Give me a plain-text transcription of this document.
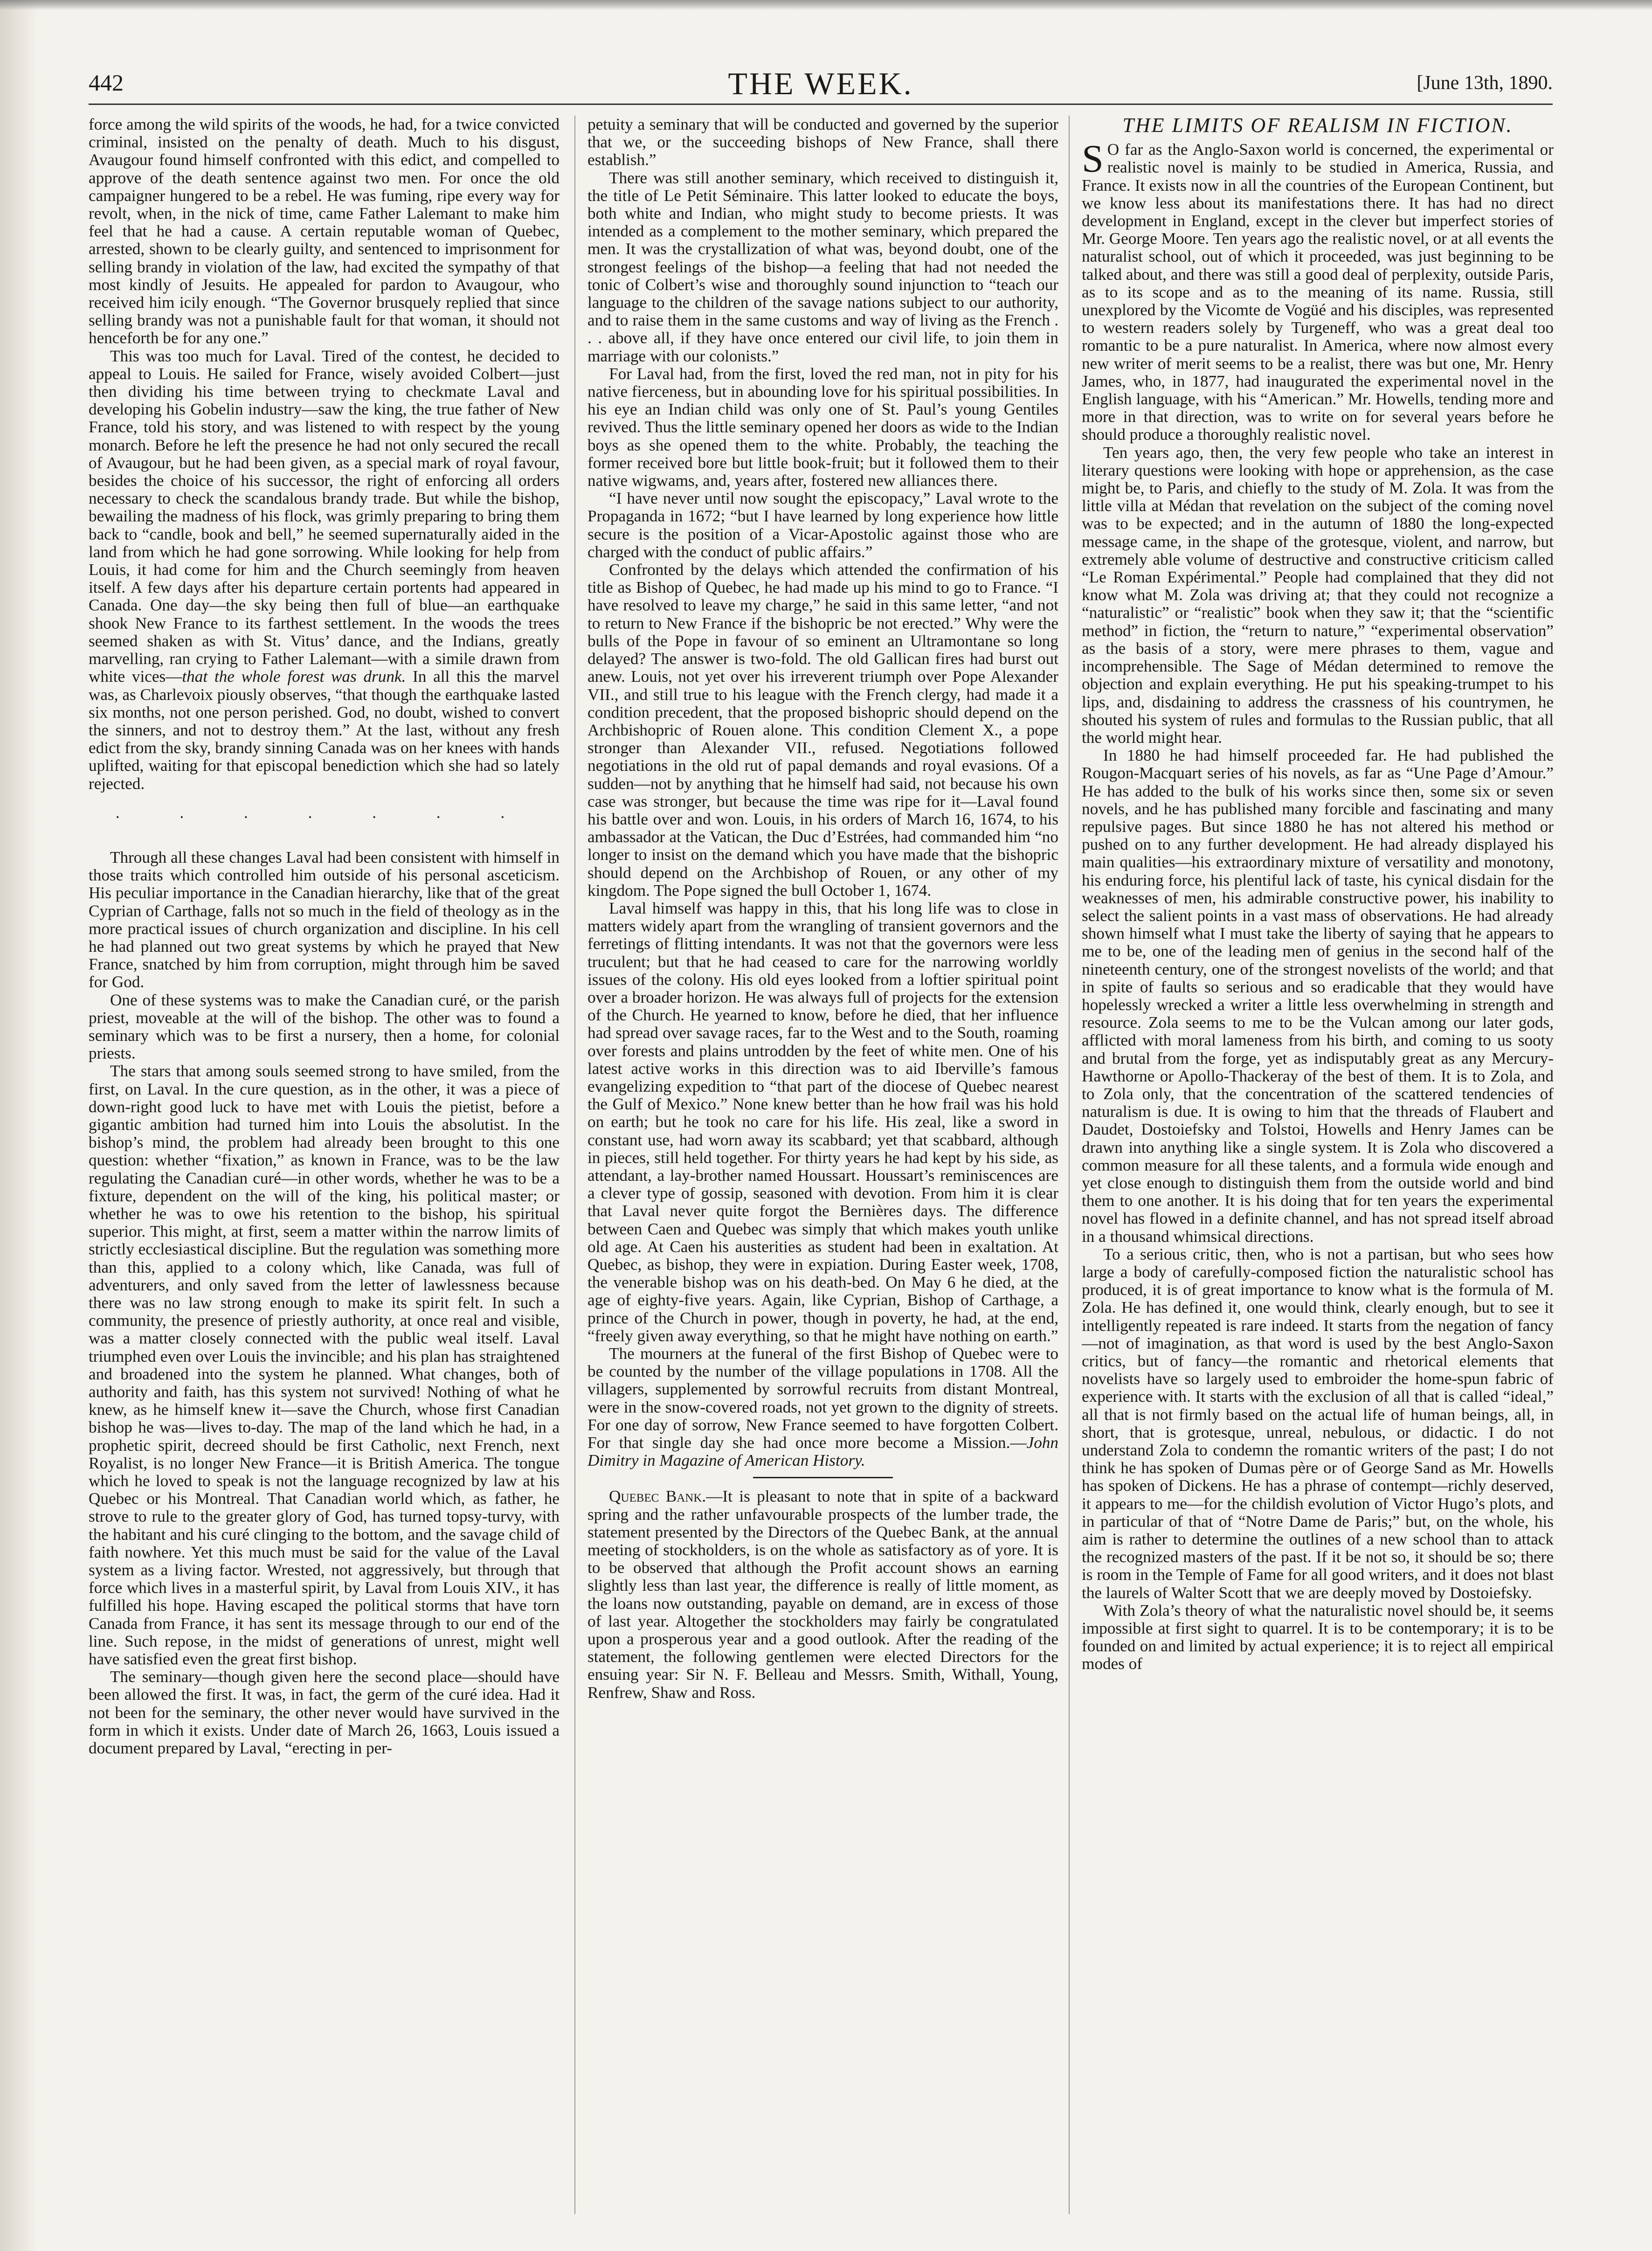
442	THE WEEK.	[June 13th, 1890.

force among the wild spirits of the woods, he had, for a twice convicted criminal, insisted on the penalty of death. Much to his disgust, Avaugour found himself confronted with this edict, and compelled to approve of the death sentence against two men. For once the old campaigner hungered to be a rebel. He was fuming, ripe every way for revolt, when, in the nick of time, came Father Lalemant to make him feel that he had a cause. A certain reputable woman of Quebec, arrested, shown to be clearly guilty, and sentenced to imprisonment for selling brandy in violation of the law, had excited the sympathy of that most kindly of Jesuits. He appealed for pardon to Avaugour, who received him icily enough. “The Governor brusquely replied that since selling brandy was not a punishable fault for that woman, it should not henceforth be for any one.”

This was too much for Laval. Tired of the contest, he decided to appeal to Louis. He sailed for France, wisely avoided Colbert—just then dividing his time between trying to checkmate Laval and developing his Gobelin industry—saw the king, the true father of New France, told his story, and was listened to with respect by the young monarch. Before he left the presence he had not only secured the recall of Avaugour, but he had been given, as a special mark of royal favour, besides the choice of his successor, the right of enforcing all orders necessary to check the scandalous brandy trade. But while the bishop, bewailing the madness of his flock, was grimly preparing to bring them back to “candle, book and bell,” he seemed supernaturally aided in the land from which he had gone sorrowing. While looking for help from Louis, it had come for him and the Church seemingly from heaven itself. A few days after his departure certain portents had appeared in Canada. One day—the sky being then full of blue—an earthquake shook New France to its farthest settlement. In the woods the trees seemed shaken as with St. Vitus’ dance, and the Indians, greatly marvelling, ran crying to Father Lalemant—with a simile drawn from white vices—that the whole forest was drunk. In all this the marvel was, as Charlevoix piously observes, “that though the earthquake lasted six months, not one person perished. God, no doubt, wished to convert the sinners, and not to destroy them.” At the last, without any fresh edict from the sky, brandy sinning Canada was on her knees with hands uplifted, waiting for that episcopal benediction which she had so lately rejected.

. . . . . . .

Through all these changes Laval had been consistent with himself in those traits which controlled him outside of his personal asceticism. His peculiar importance in the Canadian hierarchy, like that of the great Cyprian of Carthage, falls not so much in the field of theology as in the more practical issues of church organization and discipline. In his cell he had planned out two great systems by which he prayed that New France, snatched by him from corruption, might through him be saved for God.

One of these systems was to make the Canadian curé, or the parish priest, moveable at the will of the bishop. The other was to found a seminary which was to be first a nursery, then a home, for colonial priests.

The stars that among souls seemed strong to have smiled, from the first, on Laval. In the cure question, as in the other, it was a piece of down-right good luck to have met with Louis the pietist, before a gigantic ambition had turned him into Louis the absolutist. In the bishop’s mind, the problem had already been brought to this one question: whether “fixation,” as known in France, was to be the law regulating the Canadian curé—in other words, whether he was to be a fixture, dependent on the will of the king, his political master; or whether he was to owe his retention to the bishop, his spiritual superior. This might, at first, seem a matter within the narrow limits of strictly ecclesiastical discipline. But the regulation was something more than this, applied to a colony which, like Canada, was full of adventurers, and only saved from the letter of lawlessness because there was no law strong enough to make its spirit felt. In such a community, the presence of priestly authority, at once real and visible, was a matter closely connected with the public weal itself. Laval triumphed even over Louis the invincible; and his plan has straightened and broadened into the system he planned. What changes, both of authority and faith, has this system not survived! Nothing of what he knew, as he himself knew it—save the Church, whose first Canadian bishop he was—lives to-day. The map of the land which he had, in a prophetic spirit, decreed should be first Catholic, next French, next Royalist, is no longer New France—it is British America. The tongue which he loved to speak is not the language recognized by law at his Quebec or his Montreal. That Canadian world which, as father, he strove to rule to the greater glory of God, has turned topsy-turvy, with the habitant and his curé clinging to the bottom, and the savage child of faith nowhere. Yet this much must be said for the value of the Laval system as a living factor. Wrested, not aggressively, but through that force which lives in a masterful spirit, by Laval from Louis XIV., it has fulfilled his hope. Having escaped the political storms that have torn Canada from France, it has sent its message through to our end of the line. Such repose, in the midst of generations of unrest, might well have satisfied even the great first bishop.

The seminary—though given here the second place—should have been allowed the first. It was, in fact, the germ of the curé idea. Had it not been for the seminary, the other never would have survived in the form in which it exists. Under date of March 26, 1663, Louis issued a document prepared by Laval, “erecting in per-

petuity a seminary that will be conducted and governed by the superior that we, or the succeeding bishops of New France, shall there establish.”

There was still another seminary, which received to distinguish it, the title of Le Petit Séminaire. This latter looked to educate the boys, both white and Indian, who might study to become priests. It was intended as a complement to the mother seminary, which prepared the men. It was the crystallization of what was, beyond doubt, one of the strongest feelings of the bishop—a feeling that had not needed the tonic of Colbert’s wise and thoroughly sound injunction to “teach our language to the children of the savage nations subject to our authority, and to raise them in the same customs and way of living as the French . . . above all, if they have once entered our civil life, to join them in marriage with our colonists.”

For Laval had, from the first, loved the red man, not in pity for his native fierceness, but in abounding love for his spiritual possibilities. In his eye an Indian child was only one of St. Paul’s young Gentiles revived. Thus the little seminary opened her doors as wide to the Indian boys as she opened them to the white. Probably, the teaching the former received bore but little book-fruit; but it followed them to their native wigwams, and, years after, fostered new alliances there.

“I have never until now sought the episcopacy,” Laval wrote to the Propaganda in 1672; “but I have learned by long experience how little secure is the position of a Vicar-Apostolic against those who are charged with the conduct of public affairs.”

Confronted by the delays which attended the confirmation of his title as Bishop of Quebec, he had made up his mind to go to France. “I have resolved to leave my charge,” he said in this same letter, “and not to return to New France if the bishopric be not erected.” Why were the bulls of the Pope in favour of so eminent an Ultramontane so long delayed? The answer is two-fold. The old Gallican fires had burst out anew. Louis, not yet over his irreverent triumph over Pope Alexander VII., and still true to his league with the French clergy, had made it a condition precedent, that the proposed bishopric should depend on the Archbishopric of Rouen alone. This condition Clement X., a pope stronger than Alexander VII., refused. Negotiations followed negotiations in the old rut of papal demands and royal evasions. Of a sudden—not by anything that he himself had said, not because his own case was stronger, but because the time was ripe for it—Laval found his battle over and won. Louis, in his orders of March 16, 1674, to his ambassador at the Vatican, the Duc d’Estrées, had commanded him “no longer to insist on the demand which you have made that the bishopric should depend on the Archbishop of Rouen, or any other of my kingdom. The Pope signed the bull October 1, 1674.

Laval himself was happy in this, that his long life was to close in matters widely apart from the wrangling of transient governors and the ferretings of flitting intendants. It was not that the governors were less truculent; but that he had ceased to care for the narrowing worldly issues of the colony. His old eyes looked from a loftier spiritual point over a broader horizon. He was always full of projects for the extension of the Church. He yearned to know, before he died, that her influence had spread over savage races, far to the West and to the South, roaming over forests and plains untrodden by the feet of white men. One of his latest active works in this direction was to aid Iberville’s famous evangelizing expedition to “that part of the diocese of Quebec nearest the Gulf of Mexico.” None knew better than he how frail was his hold on earth; but he took no care for his life. His zeal, like a sword in constant use, had worn away its scabbard; yet that scabbard, although in pieces, still held together. For thirty years he had kept by his side, as attendant, a lay-brother named Houssart. Houssart’s reminiscences are a clever type of gossip, seasoned with devotion. From him it is clear that Laval never quite forgot the Bernières days. The difference between Caen and Quebec was simply that which makes youth unlike old age. At Caen his austerities as student had been in exaltation. At Quebec, as bishop, they were in expiation. During Easter week, 1708, the venerable bishop was on his death-bed. On May 6 he died, at the age of eighty-five years. Again, like Cyprian, Bishop of Carthage, a prince of the Church in power, though in poverty, he had, at the end, “freely given away everything, so that he might have nothing on earth.”

The mourners at the funeral of the first Bishop of Quebec were to be counted by the number of the village populations in 1708. All the villagers, supplemented by sorrowful recruits from distant Montreal, were in the snow-covered roads, not yet grown to the dignity of streets. For one day of sorrow, New France seemed to have forgotten Colbert. For that single day she had once more become a Mission.—John Dimitry in Magazine of American History.

Quebec Bank.—It is pleasant to note that in spite of a backward spring and the rather unfavourable prospects of the lumber trade, the statement presented by the Directors of the Quebec Bank, at the annual meeting of stockholders, is on the whole as satisfactory as of yore. It is to be observed that although the Profit account shows an earning slightly less than last year, the difference is really of little moment, as the loans now outstanding, payable on demand, are in excess of those of last year. Altogether the stockholders may fairly be congratulated upon a prosperous year and a good outlook. After the reading of the statement, the following gentlemen were elected Directors for the ensuing year: Sir N. F. Belleau and Messrs. Smith, Withall, Young, Renfrew, Shaw and Ross.

THE LIMITS OF REALISM IN FICTION.

S O far as the Anglo-Saxon world is concerned, the experimental or realistic novel is mainly to be studied in America, Russia, and France. It exists now in all the countries of the European Continent, but we know less about its manifestations there. It has had no direct development in England, except in the clever but imperfect stories of Mr. George Moore. Ten years ago the realistic novel, or at all events the naturalist school, out of which it proceeded, was just beginning to be talked about, and there was still a good deal of perplexity, outside Paris, as to its scope and as to the meaning of its name. Russia, still unexplored by the Vicomte de Vogüé and his disciples, was represented to western readers solely by Turgeneff, who was a great deal too romantic to be a pure naturalist. In America, where now almost every new writer of merit seems to be a realist, there was but one, Mr. Henry James, who, in 1877, had inaugurated the experimental novel in the English language, with his “American.” Mr. Howells, tending more and more in that direction, was to write on for several years before he should produce a thoroughly realistic novel.

Ten years ago, then, the very few people who take an interest in literary questions were looking with hope or apprehension, as the case might be, to Paris, and chiefly to the study of M. Zola. It was from the little villa at Médan that revelation on the subject of the coming novel was to be expected; and in the autumn of 1880 the long-expected message came, in the shape of the grotesque, violent, and narrow, but extremely able volume of destructive and constructive criticism called “Le Roman Expérimental.” People had complained that they did not know what M. Zola was driving at; that they could not recognize a “naturalistic” or “realistic” book when they saw it; that the “scientific method” in fiction, the “return to nature,” “experimental observation” as the basis of a story, were mere phrases to them, vague and incomprehensible. The Sage of Médan determined to remove the objection and explain everything. He put his speaking-trumpet to his lips, and, disdaining to address the crassness of his countrymen, he shouted his system of rules and formulas to the Russian public, that all the world might hear.

In 1880 he had himself proceeded far. He had published the Rougon-Macquart series of his novels, as far as “Une Page d’Amour.” He has added to the bulk of his works since then, some six or seven novels, and he has published many forcible and fascinating and many repulsive pages. But since 1880 he has not altered his method or pushed on to any further development. He had already displayed his main qualities—his extraordinary mixture of versatility and monotony, his enduring force, his plentiful lack of taste, his cynical disdain for the weaknesses of men, his admirable constructive power, his inability to select the salient points in a vast mass of observations. He had already shown himself what I must take the liberty of saying that he appears to me to be, one of the leading men of genius in the second half of the nineteenth century, one of the strongest novelists of the world; and that in spite of faults so serious and so eradicable that they would have hopelessly wrecked a writer a little less overwhelming in strength and resource. Zola seems to me to be the Vulcan among our later gods, afflicted with moral lameness from his birth, and coming to us sooty and brutal from the forge, yet as indisputably great as any Mercury-Hawthorne or Apollo-Thackeray of the best of them. It is to Zola, and to Zola only, that the concentration of the scattered tendencies of naturalism is due. It is owing to him that the threads of Flaubert and Daudet, Dostoiefsky and Tolstoi, Howells and Henry James can be drawn into anything like a single system. It is Zola who discovered a common measure for all these talents, and a formula wide enough and yet close enough to distinguish them from the outside world and bind them to one another. It is his doing that for ten years the experimental novel has flowed in a definite channel, and has not spread itself abroad in a thousand whimsical directions.

To a serious critic, then, who is not a partisan, but who sees how large a body of carefully-composed fiction the naturalistic school has produced, it is of great importance to know what is the formula of M. Zola. He has defined it, one would think, clearly enough, but to see it intelligently repeated is rare indeed. It starts from the negation of fancy—not of imagination, as that word is used by the best Anglo-Saxon critics, but of fancy—the romantic and rhetorical elements that novelists have so largely used to embroider the home-spun fabric of experience with. It starts with the exclusion of all that is called “ideal,” all that is not firmly based on the actual life of human beings, all, in short, that is grotesque, unreal, nebulous, or didactic. I do not understand Zola to condemn the romantic writers of the past; I do not think he has spoken of Dumas père or of George Sand as Mr. Howells has spoken of Dickens. He has a phrase of contempt—richly deserved, it appears to me—for the childish evolution of Victor Hugo’s plots, and in particular of that of “Notre Dame de Paris;” but, on the whole, his aim is rather to determine the outlines of a new school than to attack the recognized masters of the past. If it be not so, it should be so; there is room in the Temple of Fame for all good writers, and it does not blast the laurels of Walter Scott that we are deeply moved by Dostoiefsky.

With Zola’s theory of what the naturalistic novel should be, it seems impossible at first sight to quarrel. It is to be contemporary; it is to be founded on and limited by actual experience; it is to reject all empirical modes of
